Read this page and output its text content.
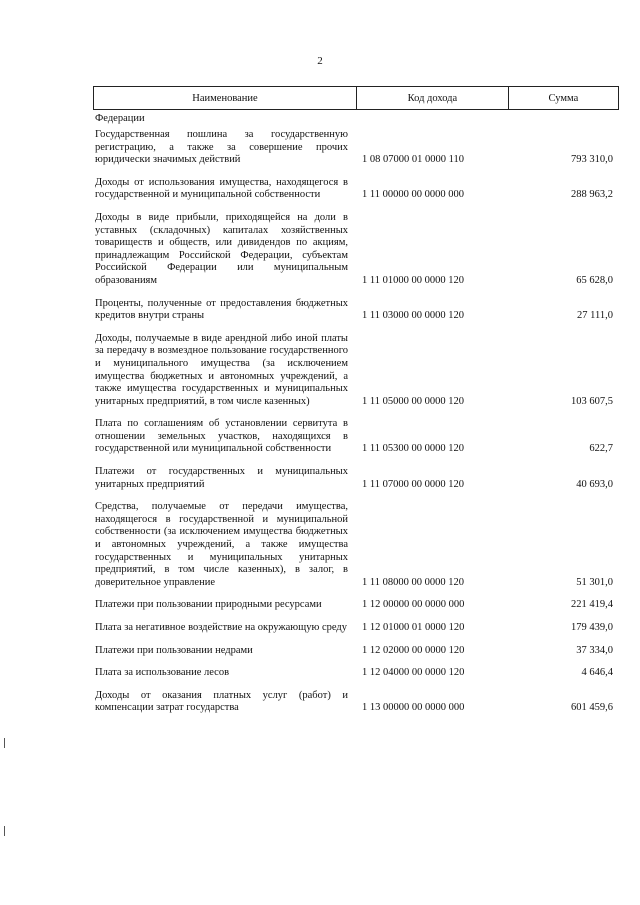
2
Наименование	Код дохода	Сумма
Федерации
Государственная пошлина за государственную регистрацию, а также за совершение прочих юридически значимых действий	1 08 07000 01 0000 110	793 310,0
Доходы от использования имущества, находящегося в государственной и муниципальной собственности	1 11 00000 00 0000 000	288 963,2
Доходы в виде прибыли, приходящейся на доли в уставных (складочных) капиталах хозяйственных товариществ и обществ, или дивидендов по акциям, принадлежащим Российской Федерации, субъектам Российской Федерации или муниципальным образованиям	1 11 01000 00 0000 120	65 628,0
Проценты, полученные от предоставления бюджетных кредитов внутри страны	1 11 03000 00 0000 120	27 111,0
Доходы, получаемые в виде арендной либо иной платы за передачу в возмездное пользование государственного и муниципального имущества (за исключением имущества бюджетных и автономных учреждений, а также имущества государственных и муниципальных унитарных предприятий, в том числе казенных)	1 11 05000 00 0000 120	103 607,5
Плата по соглашениям об установлении сервитута в отношении земельных участков, находящихся в государственной или муниципальной собственности	1 11 05300 00 0000 120	622,7
Платежи от государственных и муниципальных унитарных предприятий	1 11 07000 00 0000 120	40 693,0
Средства, получаемые от передачи имущества, находящегося в государственной и муниципальной собственности (за исключением имущества бюджетных и автономных учреждений, а также имущества государственных и муниципальных унитарных предприятий, в том числе казенных), в залог, в доверительное управление	1 11 08000 00 0000 120	51 301,0
Платежи при пользовании природными ресурсами	1 12 00000 00 0000 000	221 419,4
Плата за негативное воздействие на окружающую среду	1 12 01000 01 0000 120	179 439,0
Платежи при пользовании недрами	1 12 02000 00 0000 120	37 334,0
Плата за использование лесов	1 12 04000 00 0000 120	4 646,4
Доходы от оказания платных услуг (работ) и компенсации затрат государства	1 13 00000 00 0000 000	601 459,6
